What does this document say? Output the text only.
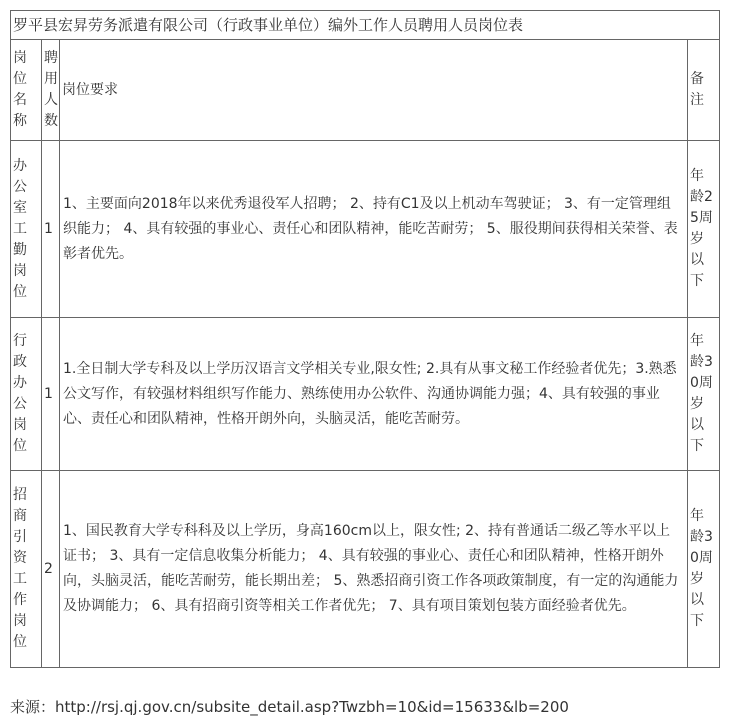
罗平县宏昇劳务派遣有限公司（行政事业单位）编外工作人员聘用人员岗位表			
岗位名称	聘用人数	岗位要求	备注
办公室工勤岗位	1	1、主要面向2018年以来优秀退役军人招聘； 2、持有C1及以上机动车驾驶证； 3、有一定管理组织能力； 4、具有较强的事业心、责任心和团队精神，能吃苦耐劳； 5、服役期间获得相关荣誉、表彰者优先。	年龄25周岁以下
行政办公岗位	1	1.全日制大学专科及以上学历汉语言文学相关专业,限女性; 2.具有从事文秘工作经验者优先；3.熟悉公文写作，有较强材料组织写作能力、熟练使用办公软件、沟通协调能力强；4、具有较强的事业心、责任心和团队精神，性格开朗外向，头脑灵活，能吃苦耐劳。	年龄30周岁以下
招商引资工作岗位	2	1、国民教育大学专科科及以上学历，身高160cm以上，限女性; 2、持有普通话二级乙等水平以上证书； 3、具有一定信息收集分析能力； 4、具有较强的事业心、责任心和团队精神，性格开朗外向，头脑灵活，能吃苦耐劳，能长期出差； 5、熟悉招商引资工作各项政策制度，有一定的沟通能力及协调能力； 6、具有招商引资等相关工作者优先； 7、具有项目策划包装方面经验者优先。	年龄30周岁以下
来源：http://rsj.qj.gov.cn/subsite_detail.asp?Twzbh=10&id=15633&lb=200
